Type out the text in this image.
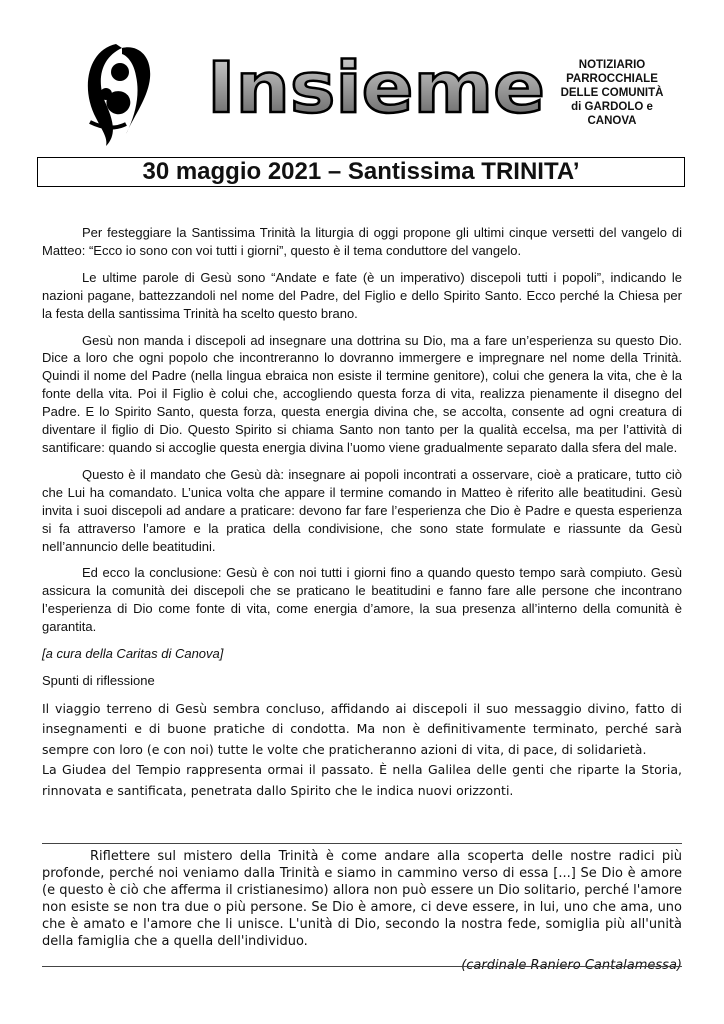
Insieme	NOTIZIARIO
PARROCCHIALE
DELLE COMUNITÀ
di GARDOLO e
CANOVA
30 maggio 2021 – Santissima TRINITA’

Per festeggiare la Santissima Trinità la liturgia di oggi propone gli ultimi cinque versetti del vangelo di Matteo: “Ecco io sono con voi tutti i giorni”, questo è il tema conduttore del vangelo.

Le ultime parole di Gesù sono “Andate e fate (è un imperativo) discepoli tutti i popoli”, indicando le nazioni pagane, battezzandoli nel nome del Padre, del Figlio e dello Spirito Santo. Ecco perché la Chiesa per la festa della santissima Trinità ha scelto questo brano.

Gesù non manda i discepoli ad insegnare una dottrina su Dio, ma a fare un’esperienza su questo Dio. Dice a loro che ogni popolo che incontreranno lo dovranno immergere e impregnare nel nome della Trinità. Quindi il nome del Padre (nella lingua ebraica non esiste il termine genitore), colui che genera la vita, che è la fonte della vita. Poi il Figlio è colui che, accogliendo questa forza di vita, realizza pienamente il disegno del Padre. E lo Spirito Santo, questa forza, questa energia divina che, se accolta, consente ad ogni creatura di diventare il figlio di Dio. Questo Spirito si chiama Santo non tanto per la qualità eccelsa, ma per l’attività di santificare: quando si accoglie questa energia divina l’uomo viene gradualmente separato dalla sfera del male.

Questo è il mandato che Gesù dà: insegnare ai popoli incontrati a osservare, cioè a praticare, tutto ciò che Lui ha comandato. L’unica volta che appare il termine comando in Matteo è riferito alle beatitudini. Gesù invita i suoi discepoli ad andare a praticare: devono far fare l’esperienza che Dio è Padre e questa esperienza si fa attraverso l’amore e la pratica della condivisione, che sono state formulate e riassunte da Gesù nell’annuncio delle beatitudini.

Ed ecco la conclusione: Gesù è con noi tutti i giorni fino a quando questo tempo sarà compiuto. Gesù assicura la comunità dei discepoli che se praticano le beatitudini e fanno fare alle persone che incontrano l’esperienza di Dio come fonte di vita, come energia d’amore, la sua presenza all’interno della comunità è garantita.

[a cura della Caritas di Canova]

Spunti di riflessione

Il viaggio terreno di Gesù sembra concluso, affidando ai discepoli il suo messaggio divino, fatto di insegnamenti e di buone pratiche di condotta. Ma non è definitivamente terminato, perché sarà sempre con loro (e con noi) tutte le volte che praticheranno azioni di vita, di pace, di solidarietà.

La Giudea del Tempio rappresenta ormai il passato. È nella Galilea delle genti che riparte la Storia, rinnovata e santificata, penetrata dallo Spirito che le indica nuovi orizzonti.

Riflettere sul mistero della Trinità è come andare alla scoperta delle nostre radici più profonde, perché noi veniamo dalla Trinità e siamo in cammino verso di essa [...] Se Dio è amore (e questo è ciò che afferma il cristianesimo) allora non può essere un Dio solitario, perché l'amore non esiste se non tra due o più persone. Se Dio è amore, ci deve essere, in lui, uno che ama, uno che è amato e l'amore che li unisce. L'unità di Dio, secondo la nostra fede, somiglia più all'unità della famiglia che a quella dell'individuo.

(cardinale Raniero Cantalamessa)
